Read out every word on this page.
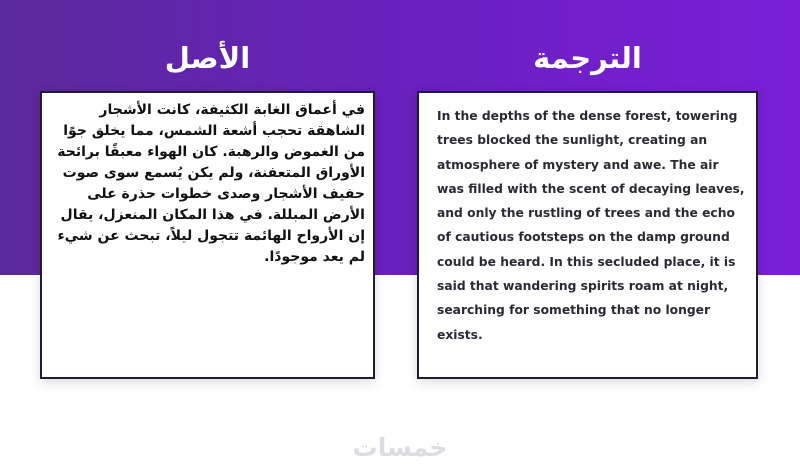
الأصل	الترجمة

في أعماق الغابة الكثيفة، كانت الأشجار الشاهقة تحجب أشعة الشمس، مما يخلق جوًا من الغموض والرهبة. كان الهواء معبقًا برائحة الأوراق المتعفنة، ولم يكن يُسمع سوى صوت حفيف الأشجار وصدى خطوات حذرة على الأرض المبللة. في هذا المكان المنعزل، يقال إن الأرواح الهائمة تتجول ليلاً، تبحث عن شيء لم يعد موجودًا.

In the depths of the dense forest, towering trees blocked the sunlight, creating an atmosphere of mystery and awe. The air was filled with the scent of decaying leaves, and only the rustling of trees and the echo of cautious footsteps on the damp ground could be heard. In this secluded place, it is said that wandering spirits roam at night, searching for something that no longer exists.

خمسات
